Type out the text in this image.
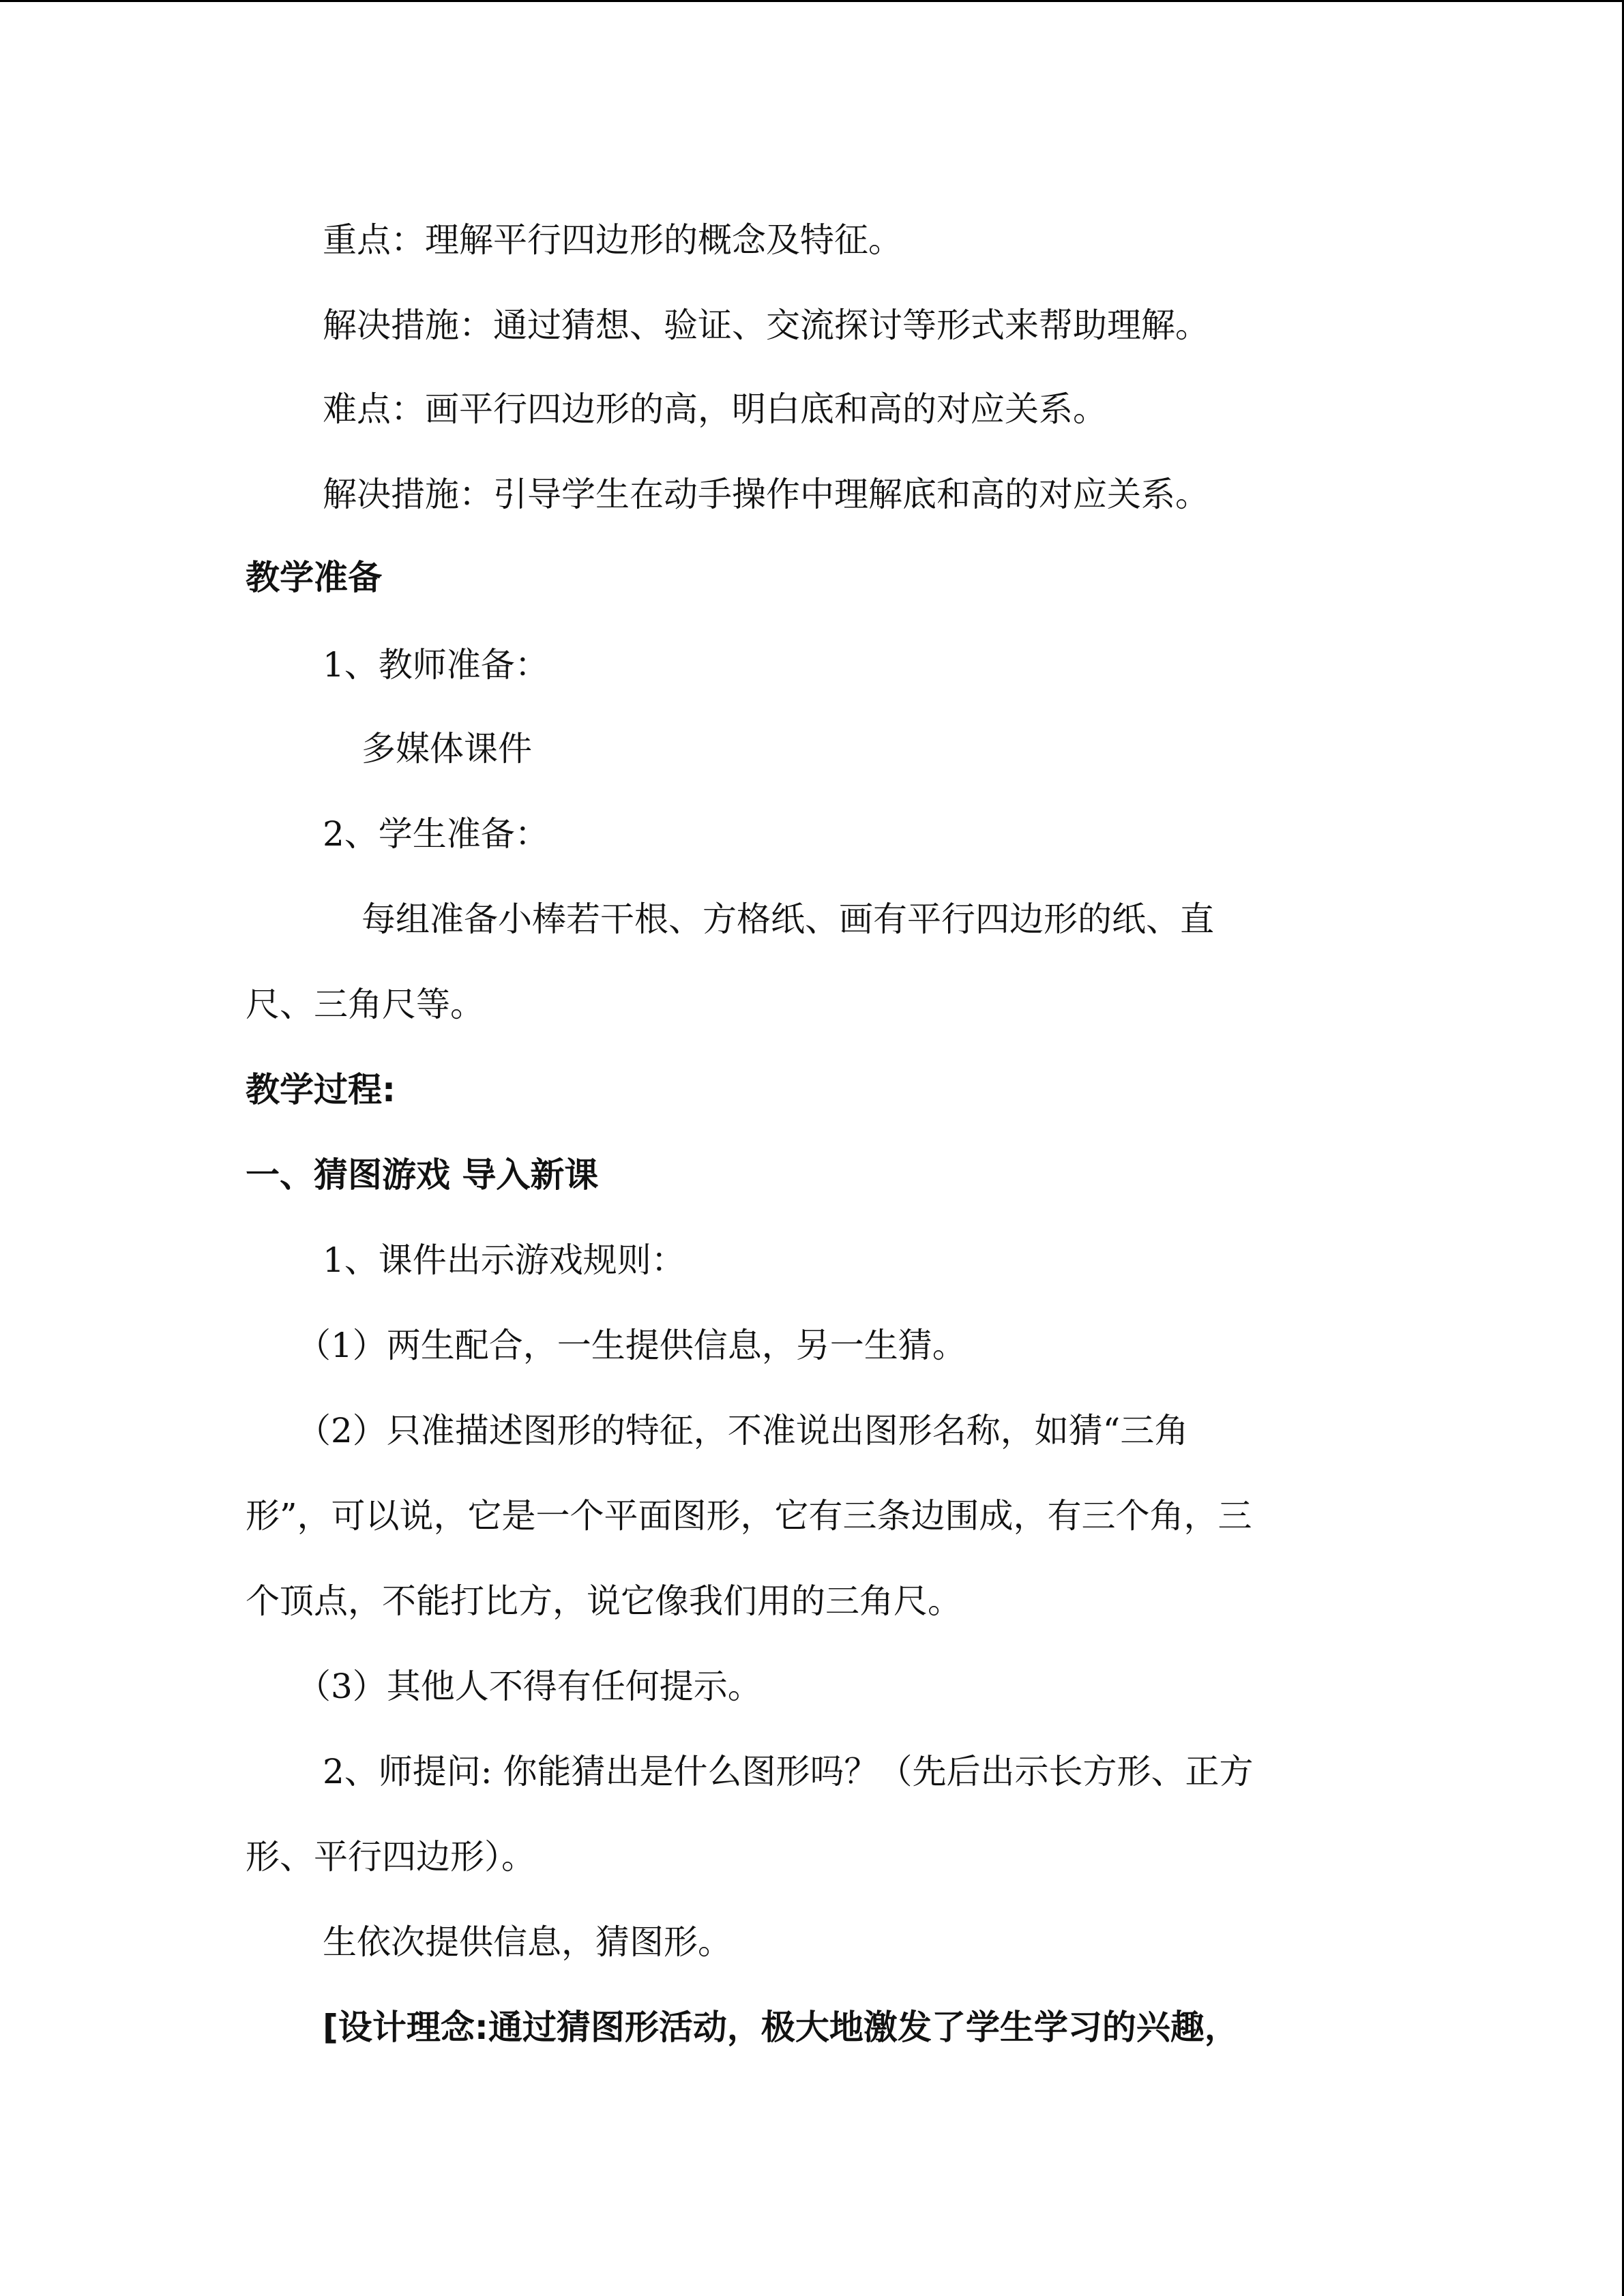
重点：理解平行四边形的概念及特征。
解决措施：通过猜想、验证、交流探讨等形式来帮助理解。
难点：画平行四边形的高，明白底和高的对应关系。
解决措施：引导学生在动手操作中理解底和高的对应关系。
教学准备
1、教师准备：
多媒体课件
2、学生准备：
每组准备小棒若干根、方格纸、画有平行四边形的纸、直
尺、三角尺等。
教学过程:
一、猜图游戏 导入新课
1、课件出示游戏规则：
（1）两生配合，一生提供信息，另一生猜。
（2）只准描述图形的特征，不准说出图形名称，如猜“三角
形”，可以说，它是一个平面图形，它有三条边围成，有三个角，三
个顶点，不能打比方，说它像我们用的三角尺。
（3）其他人不得有任何提示。
2、师提问: 你能猜出是什么图形吗？（先后出示长方形、正方
形、平行四边形）。
生依次提供信息，猜图形。
[设计理念:通过猜图形活动，极大地激发了学生学习的兴趣，
